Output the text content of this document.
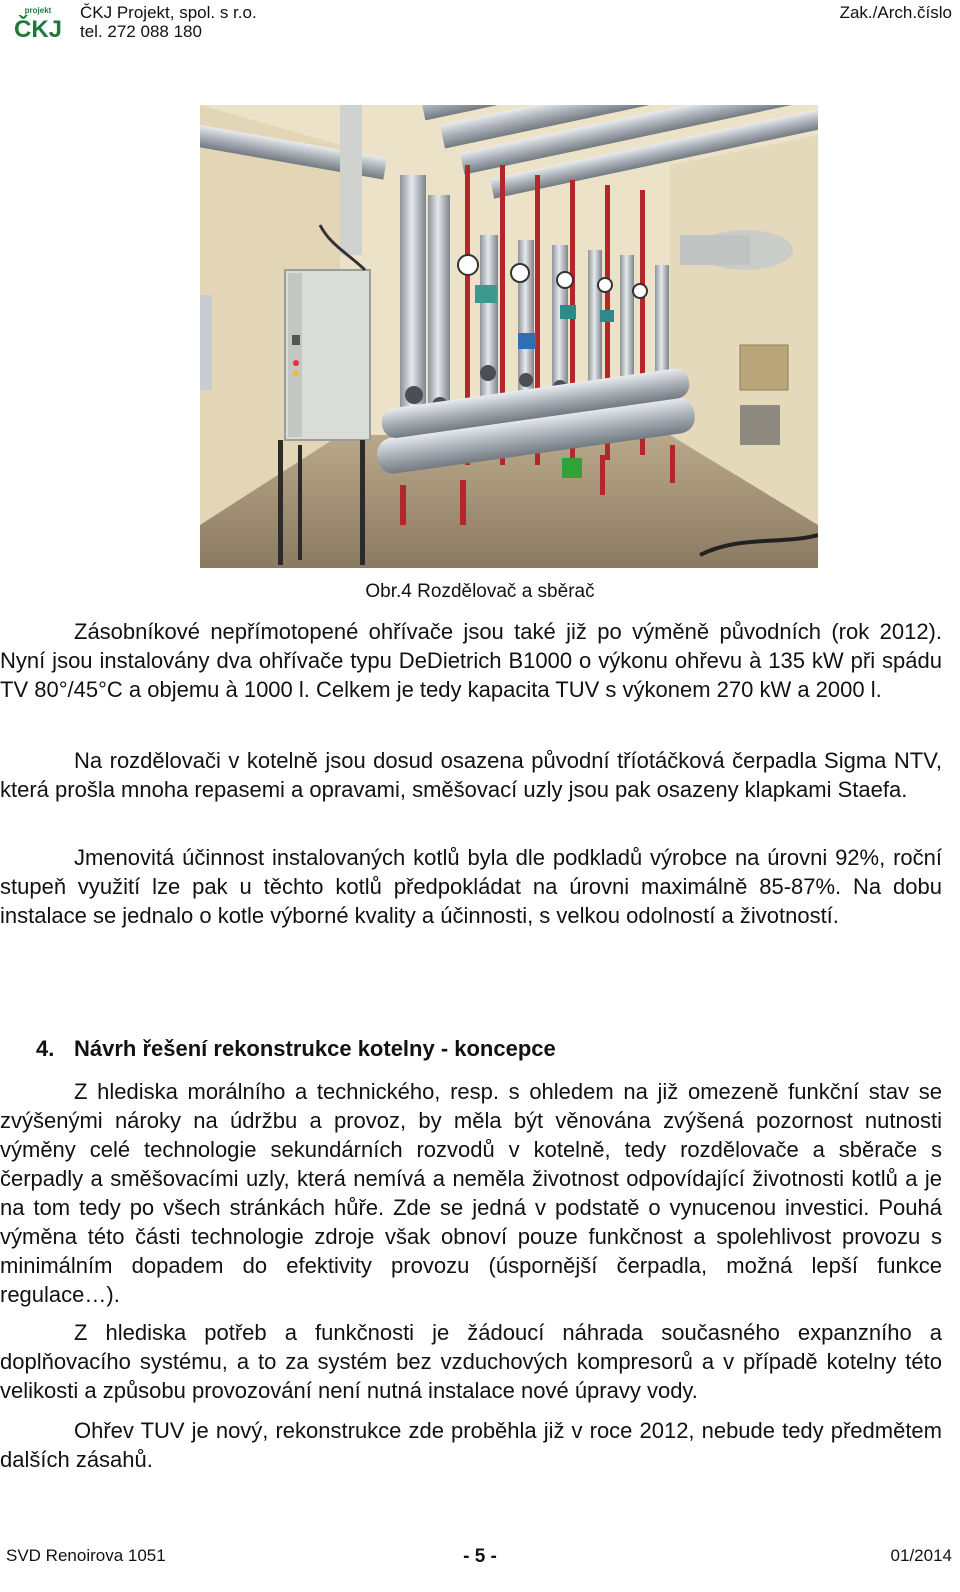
projekt
ČKJ
ČKJ Projekt, spol. s r.o.
tel. 272 088 180
Zak./Arch.číslo
Obr.4 Rozdělovač a sběrač

Zásobníkové nepřímotopené ohřívače jsou také již po výměně původních (rok 2012). Nyní jsou instalovány dva ohřívače typu DeDietrich B1000 o výkonu ohřevu à 135 kW při spádu TV 80°/45°C a objemu à 1000 l. Celkem je tedy kapacita TUV s výkonem 270 kW a 2000 l.

Na rozdělovači v kotelně jsou dosud osazena původní tříotáčková čerpadla Sigma NTV, která prošla mnoha repasemi a opravami, směšovací uzly jsou pak osazeny klapkami Staefa.

Jmenovitá účinnost instalovaných kotlů byla dle podkladů výrobce na úrovni 92%, roční stupeň využití lze pak u těchto kotlů předpokládat na úrovni maximálně 85-87%. Na dobu instalace se jednalo o kotle výborné kvality a účinnosti, s velkou odolností a životností.

4. Návrh řešení rekonstrukce kotelny - koncepce

Z hlediska morálního a technického, resp. s ohledem na již omezeně funkční stav se zvýšenými nároky na údržbu a provoz, by měla být věnována zvýšená pozornost nutnosti výměny celé technologie sekundárních rozvodů v kotelně, tedy rozdělovače a sběrače s čerpadly a směšovacími uzly, která nemívá a neměla životnost odpovídající životnosti kotlů a je na tom tedy po všech stránkách hůře. Zde se jedná v podstatě o vynucenou investici. Pouhá výměna této části technologie zdroje však obnoví pouze funkčnost a spolehlivost provozu s minimálním dopadem do efektivity provozu (úspornější čerpadla, možná lepší funkce regulace…).

Z hlediska potřeb a funkčnosti je žádoucí náhrada současného expanzního a doplňovacího systému, a to za systém bez vzduchových kompresorů a v případě kotelny této velikosti a způsobu provozování není nutná instalace nové úpravy vody.

Ohřev TUV je nový, rekonstrukce zde proběhla již v roce 2012, nebude tedy předmětem dalších zásahů.

SVD Renoirova 1051	- 5 -	01/2014
